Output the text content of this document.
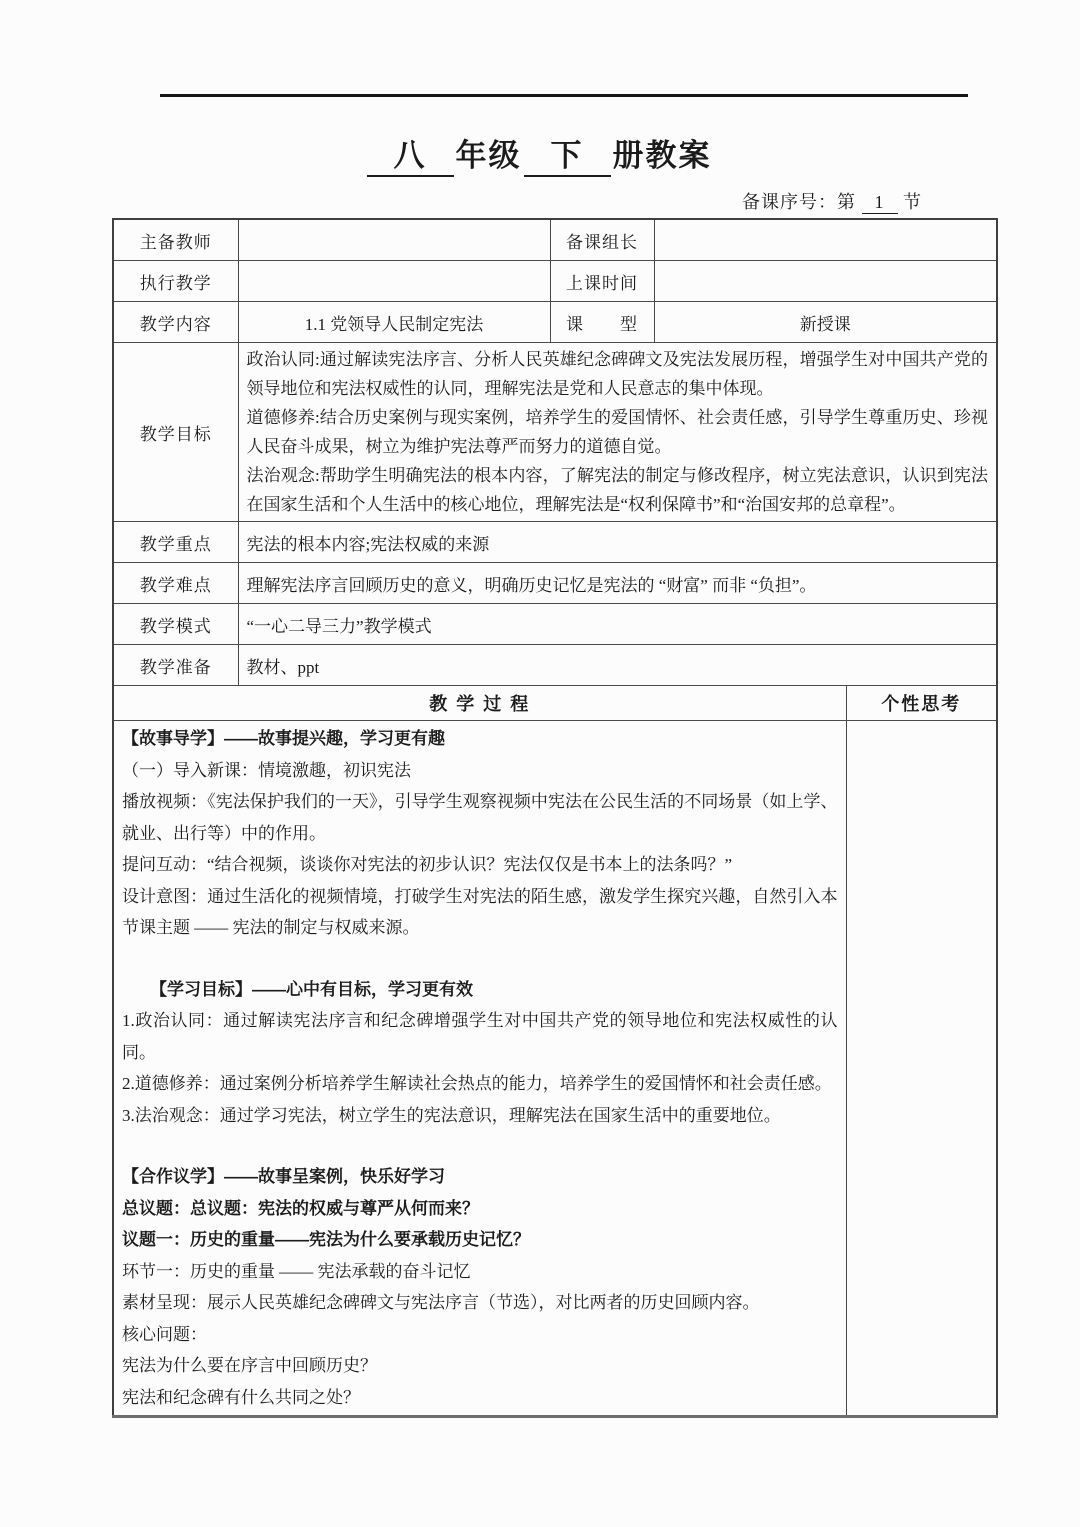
八 年级 下 册教案
备课序号：第 1 节
主备教师		备课组长	
执行教学		上课时间	
教学内容	1.1 党领导人民制定宪法	课　　型	新授课
教学目标	政治认同:通过解读宪法序言、分析人民英雄纪念碑碑文及宪法发展历程，增强学生对中国共产党的领导地位和宪法权威性的认同，理解宪法是党和人民意志的集中体现。

道德修养:结合历史案例与现实案例，培养学生的爱国情怀、社会责任感，引导学生尊重历史、珍视人民奋斗成果，树立为维护宪法尊严而努力的道德自觉。

法治观念:帮助学生明确宪法的根本内容，了解宪法的制定与修改程序，树立宪法意识，认识到宪法在国家生活和个人生活中的核心地位，理解宪法是“权利保障书”和“治国安邦的总章程”。		

教学重点	宪法的根本内容;宪法权威的来源		
教学难点	理解宪法序言回顾历史的意义，明确历史记忆是宪法的 “财富” 而非 “负担”。		
教学模式	“一心二导三力”教学模式		
教学准备	教材、ppt		
教 学 过 程	个性思考

【故事导学】——故事提兴趣，学习更有趣
（一）导入新课：情境激趣，初识宪法
播放视频：《宪法保护我们的一天》，引导学生观察视频中宪法在公民生活的不同场景（如上学、就业、出行等）中的作用。
提问互动：“结合视频，谈谈你对宪法的初步认识？宪法仅仅是书本上的法条吗？”
设计意图：通过生活化的视频情境，打破学生对宪法的陌生感，激发学生探究兴趣，自然引入本节课主题 —— 宪法的制定与权威来源。
【学习目标】——心中有目标，学习更有效
1.政治认同：通过解读宪法序言和纪念碑增强学生对中国共产党的领导地位和宪法权威性的认同。
2.道德修养：通过案例分析培养学生解读社会热点的能力，培养学生的爱国情怀和社会责任感。
3.法治观念：通过学习宪法，树立学生的宪法意识，理解宪法在国家生活中的重要地位。
【合作议学】——故事呈案例，快乐好学习
总议题：总议题：宪法的权威与尊严从何而来？
议题一：历史的重量——宪法为什么要承载历史记忆？
环节一：历史的重量 —— 宪法承载的奋斗记忆
素材呈现：展示人民英雄纪念碑碑文与宪法序言（节选），对比两者的历史回顾内容。
核心问题：
宪法为什么要在序言中回顾历史？
宪法和纪念碑有什么共同之处？
